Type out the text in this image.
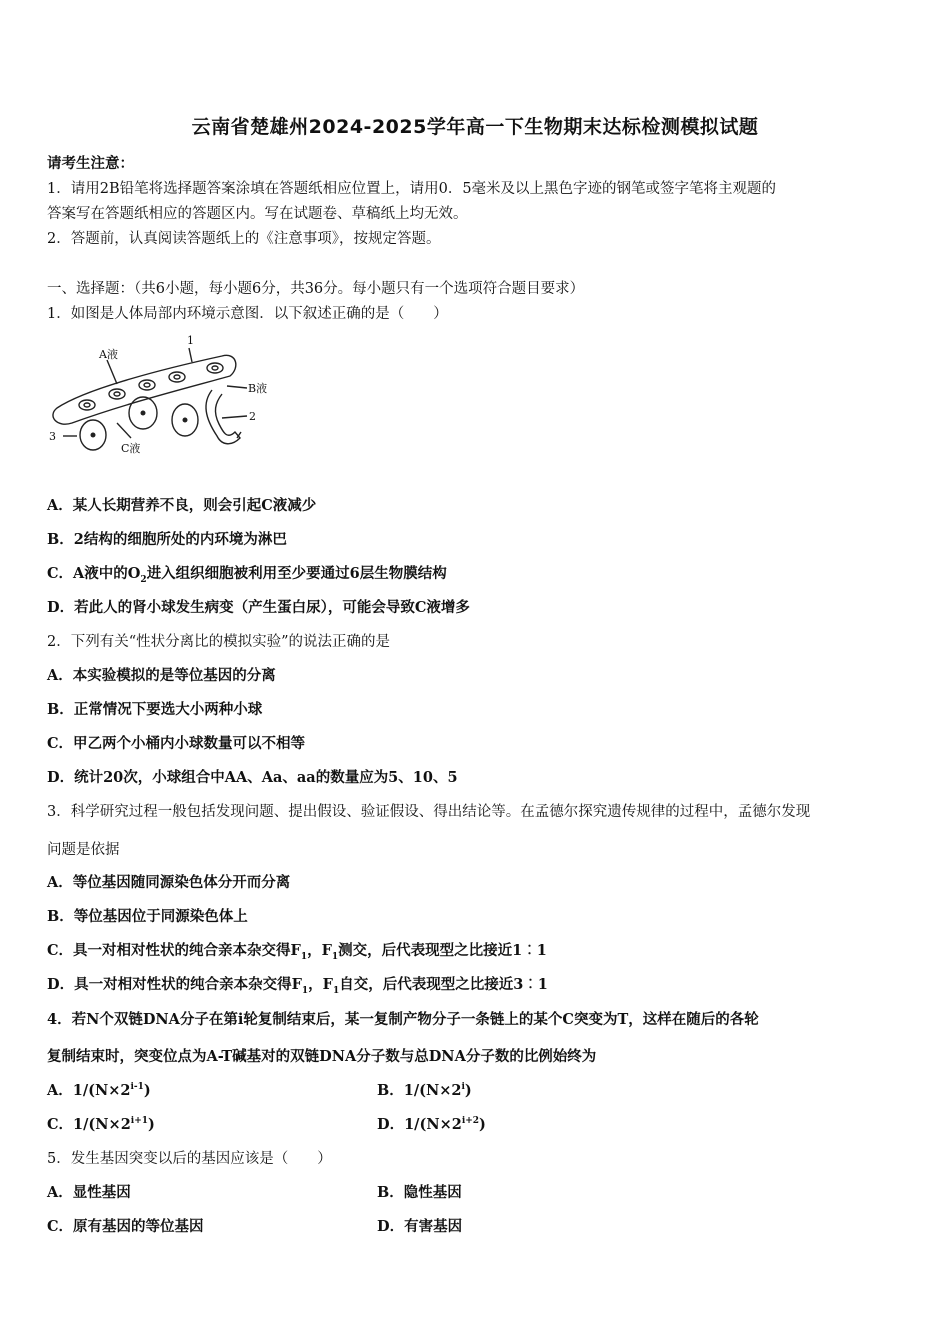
云南省楚雄州2024-2025学年高一下生物期末达标检测模拟试题
请考生注意：
1．请用2B铅笔将选择题答案涂填在答题纸相应位置上，请用0．5毫米及以上黑色字迹的钢笔或签字笔将主观题的
答案写在答题纸相应的答题区内。写在试题卷、草稿纸上均无效。
2．答题前，认真阅读答题纸上的《注意事项》，按规定答题。
一、选择题：（共6小题，每小题6分，共36分。每小题只有一个选项符合题目要求）
1．如图是人体局部内环境示意图．以下叙述正确的是（　　）
1
A液
B液
2
3
C液
A．某人长期营养不良，则会引起C液减少
B．2结构的细胞所处的内环境为淋巴
C．A液中的$O_2$进入组织细胞被利用至少要通过6层生物膜结构
D．若此人的肾小球发生病变（产生蛋白尿），可能会导致C液增多
2．下列有关“性状分离比的模拟实验”的说法正确的是
A．本实验模拟的是等位基因的分离
B．正常情况下要选大小两种小球
C．甲乙两个小桶内小球数量可以不相等
D．统计20次，小球组合中AA、Aa、aa的数量应为5、10、5
3．科学研究过程一般包括发现问题、提出假设、验证假设、得出结论等。在孟德尔探究遗传规律的过程中，孟德尔发现
问题是依据
A．等位基因随同源染色体分开而分离
B．等位基因位于同源染色体上
C．具一对相对性状的纯合亲本杂交得$F_1$，$F_1$测交，后代表现型之比接近1︰1
D．具一对相对性状的纯合亲本杂交得$F_1$，$F_1$自交，后代表现型之比接近3︰1
4．若N个双链DNA分子在第i轮复制结束后，某一复制产物分子一条链上的某个C突变为T，这样在随后的各轮
复制结束时，突变位点为A-T碱基对的双链DNA分子数与总DNA分子数的比例始终为
A．$1/(N\times 2^{i-1})$	B．$1/(N\times 2^i)$
C．$1/(N\times 2^{i+1})$	D．$1/(N\times 2^{i+2})$
5．发生基因突变以后的基因应该是（　　）
A．显性基因	B．隐性基因
C．原有基因的等位基因	D．有害基因
